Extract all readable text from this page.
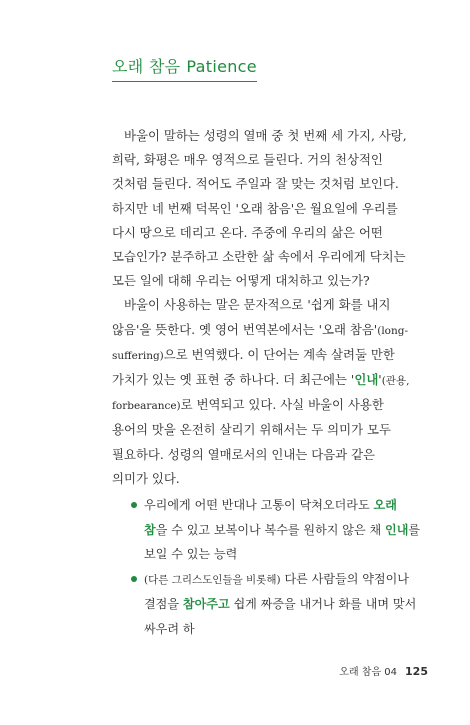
오래 참음 Patience

바울이 말하는 성령의 열매 중 첫 번째 세 가지, 사랑, 희락, 화평은 매우 영적으로 들린다. 거의 천상적인 것처럼 들린다. 적어도 주일과 잘 맞는 것처럼 보인다. 하지만 네 번째 덕목인 '오래 참음'은 월요일에 우리를 다시 땅으로 데리고 온다. 주중에 우리의 삶은 어떤 모습인가? 분주하고 소란한 삶 속에서 우리에게 닥치는 모든 일에 대해 우리는 어떻게 대처하고 있는가?

바울이 사용하는 말은 문자적으로 '쉽게 화를 내지 않음'을 뜻한다. 옛 영어 번역본에서는 '오래 참음'(long-suffering)으로 번역했다. 이 단어는 계속 살려둘 만한 가치가 있는 옛 표현 중 하나다. 더 최근에는 '인내'(관용, forbearance)로 번역되고 있다. 사실 바울이 사용한 용어의 맛을 온전히 살리기 위해서는 두 의미가 모두 필요하다. 성령의 열매로서의 인내는 다음과 같은 의미가 있다.

우리에게 어떤 반대나 고통이 닥쳐오더라도 오래 참을 수 있고 보복이나 복수를 원하지 않은 채 인내를 보일 수 있는 능력

(다른 그리스도인들을 비롯해) 다른 사람들의 약점이나 결점을 참아주고 쉽게 짜증을 내거나 화를 내며 맞서 싸우려 하

오래 참음 04 125
